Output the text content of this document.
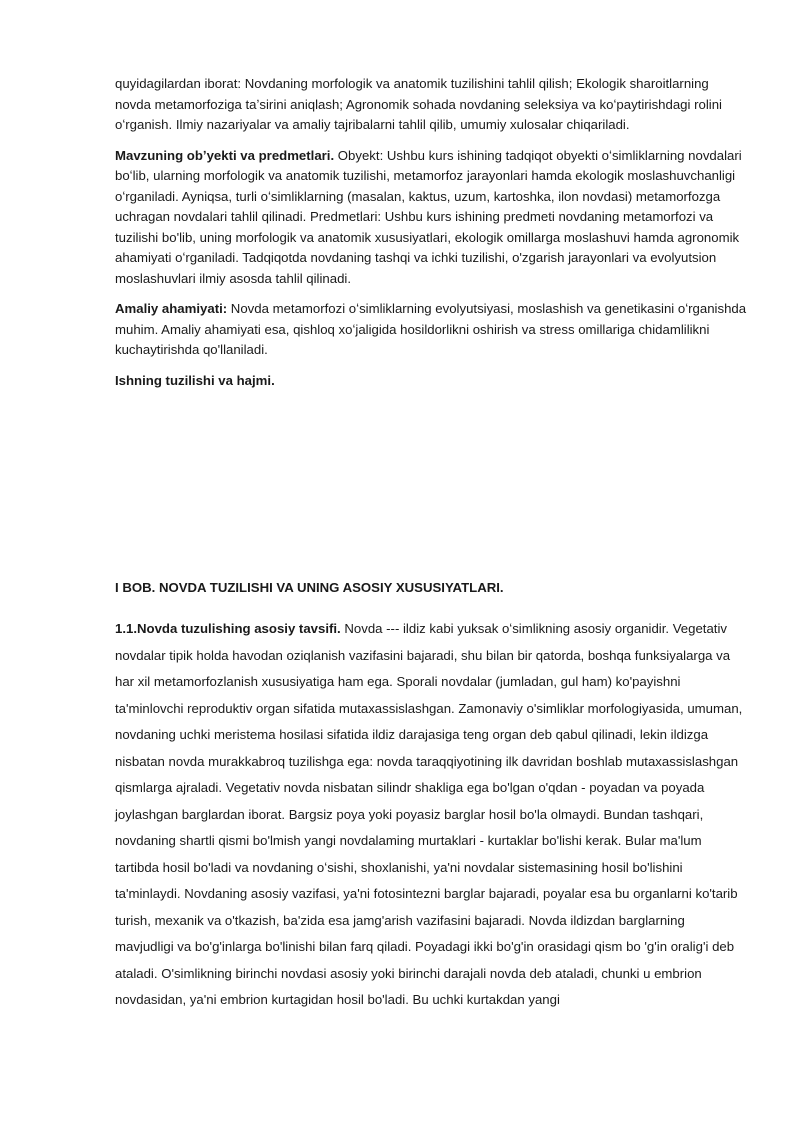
quyidagilardan iborat: Novdaning morfologik va anatomik tuzilishini tahlil qilish; Ekologik sharoitlarning novda metamorfoziga taʼsirini aniqlash; Agronomik sohada novdaning seleksiya va koʻpaytirishdagi rolini oʻrganish. Ilmiy nazariyalar va amaliy tajribalarni tahlil qilib, umumiy xulosalar chiqariladi.

Mavzuning obʼyekti va predmetlari. Obyekt: Ushbu kurs ishining tadqiqot obyekti oʻsimliklarning novdalari boʻlib, ularning morfologik va anatomik tuzilishi, metamorfoz jarayonlari hamda ekologik moslashuvchanligi oʻrganiladi. Ayniqsa, turli oʻsimliklarning (masalan, kaktus, uzum, kartoshka, ilon novdasi) metamorfozga uchragan novdalari tahlil qilinadi. Predmetlari: Ushbu kurs ishining predmeti novdaning metamorfozi va tuzilishi bo'lib, uning morfologik va anatomik xususiyatlari, ekologik omillarga moslashuvi hamda agronomik ahamiyati oʻrganiladi. Tadqiqotda novdaning tashqi va ichki tuzilishi, o'zgarish jarayonlari va evolyutsion moslashuvlari ilmiy asosda tahlil qilinadi.

Amaliy ahamiyati: Novda metamorfozi oʻsimliklarning evolyutsiyasi, moslashish va genetikasini oʻrganishda muhim. Amaliy ahamiyati esa, qishloq xoʻjaligida hosildorlikni oshirish va stress omillariga chidamlilikni kuchaytirishda qo'llaniladi.

Ishning tuzilishi va hajmi.

I BOB. NOVDA TUZILISHI VA UNING ASOSIY XUSUSIYATLARI.

1.1.Novda tuzulishing asosiy tavsifi. Novda --- ildiz kabi yuksak oʻsimlikning asosiy organidir. Vegetativ novdalar tipik holda havodan oziqlanish vazifasini bajaradi, shu bilan bir qatorda, boshqa funksiyalarga va har xil metamorfozlanish xususiyatiga ham ega. Sporali novdalar (jumladan, gul ham) ko'payishni ta'minlovchi reproduktiv organ sifatida mutaxassislashgan. Zamonaviy o'simliklar morfologiyasida, umuman, novdaning uchki meristema hosilasi sifatida ildiz darajasiga teng organ deb qabul qilinadi, lekin ildizga nisbatan novda murakkabroq tuzilishga ega: novda taraqqiyotining ilk davridan boshlab mutaxassislashgan qismlarga ajraladi. Vegetativ novda nisbatan silindr shakliga ega bo'lgan o'qdan - poyadan va poyada joylashgan barglardan iborat. Bargsiz poya yoki poyasiz barglar hosil bo'la olmaydi. Bundan tashqari, novdaning shartli qismi bo'lmish yangi novdalaming murtaklari - kurtaklar bo'lishi kerak. Bular ma'lum tartibda hosil bo'ladi va novdaning oʻsishi, shoxlanishi, ya'ni novdalar sistemasining hosil bo'lishini ta'minlaydi. Novdaning asosiy vazifasi, ya'ni fotosintezni barglar bajaradi, poyalar esa bu organlarni ko'tarib turish, mexanik va o'tkazish, ba'zida esa jamg'arish vazifasini bajaradi. Novda ildizdan barglarning mavjudligi va bo'g'inlarga bo'linishi bilan farq qiladi. Poyadagi ikki bo'g'in orasidagi qism bo 'g'in oralig'i deb ataladi. O'simlikning birinchi novdasi asosiy yoki birinchi darajali novda deb ataladi, chunki u embrion novdasidan, ya'ni embrion kurtagidan hosil bo'ladi. Bu uchki kurtakdan yangi
